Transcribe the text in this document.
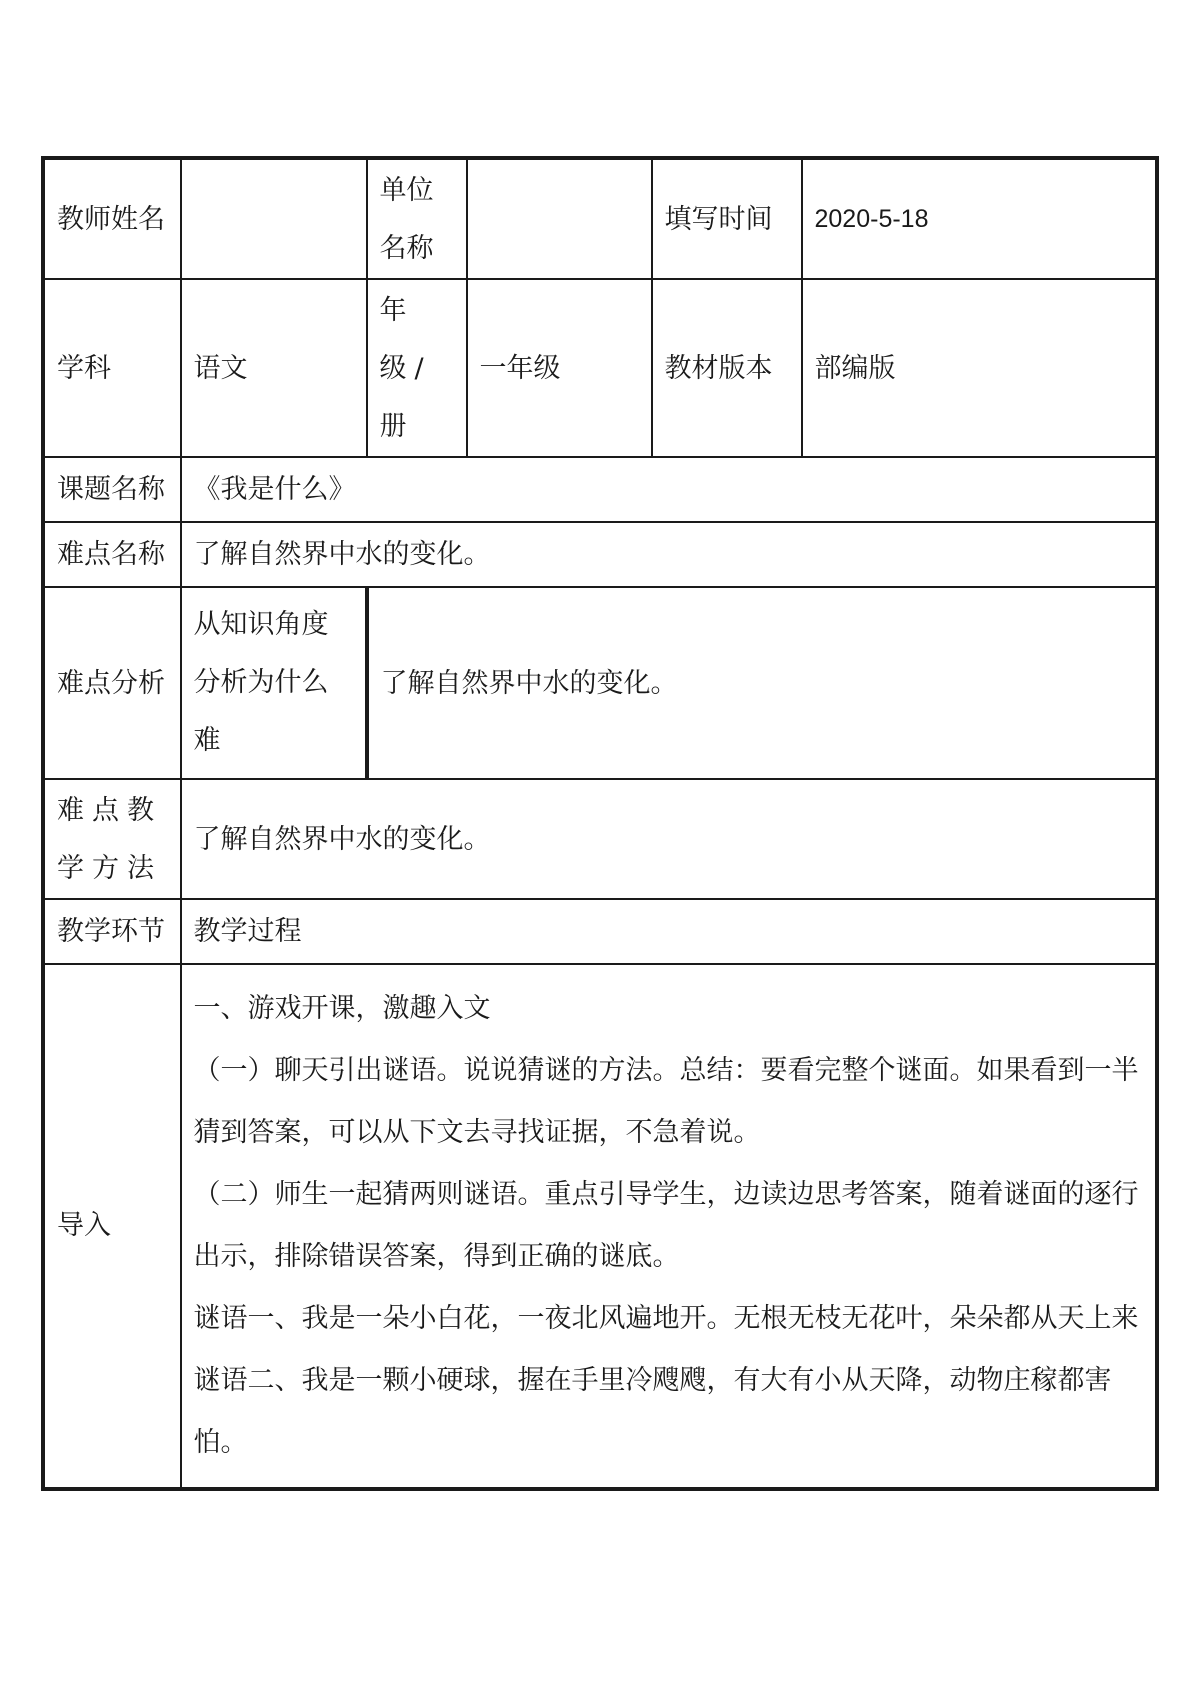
教师姓名		单位名称		填写时间	2020-5-18
学科	语文	年级/册	一年级	教材版本	部编版
课题名称	《我是什么》				
难点名称	了解自然界中水的变化。				
难点分析	从知识角度分析为什么难	了解自然界中水的变化。			
难点教学方法	了解自然界中水的变化。				
教学环节	教学过程				
导入	一、游戏开课，激趣入文

（一）聊天引出谜语。说说猜谜的方法。总结：要看完整个谜面。如果看到一半猜到答案，可以从下文去寻找证据，不急着说。

（二）师生一起猜两则谜语。重点引导学生，边读边思考答案，随着谜面的逐行出示，排除错误答案，得到正确的谜底。

谜语一、我是一朵小白花，一夜北风遍地开。无根无枝无花叶，朵朵都从天上来

谜语二、我是一颗小硬球，握在手里冷飕飕，有大有小从天降，动物庄稼都害怕。				
